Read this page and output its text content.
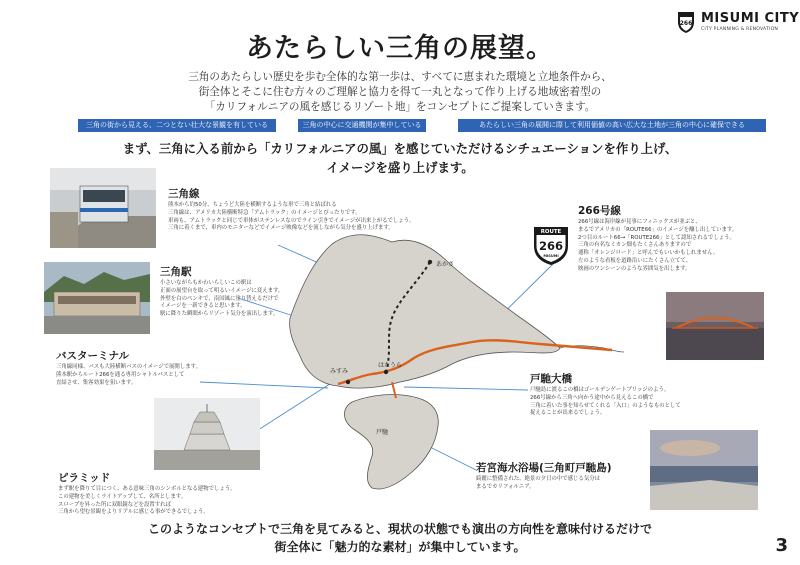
266 MISUMI CITY
CITY PLANNING & RENOVATION
あたらしい三角の展望。
三角のあたらしい歴史を歩む全体的な第一歩は、すべてに恵まれた環境と立地条件から、
街全体とそこに住む方々のご理解と協力を得て一丸となって作り上げる地域密着型の
「カリフォルニアの風を感じるリゾート地」をコンセプトにご提案していきます。
三角の街から見える、二つとない壮大な景観を有している	三角の中心に交通機関が集中している	あたらしい三角の展開に際して利用価値の高い広大な土地が三角の中心に確保できる
まず、三角に入る前から「カリフォルニアの風」を感じていただけるシチュエーションを作り上げ、
イメージを盛り上げます。
あかさ
はたうら
みすみ
戸馳
ROUTE
266
MISUMI
三角線
熊本から約50分、ちょうど大陸を横断するような形で三角と結ばれる
三角線は、アメリカ大陸横断特急「アムトラック」のイメージとぴったりです。
車両も、アムトラックと同じで車体がステンレスなのでライン引きでイメージが出来上がるでしょう。
三角に着くまで、車内のモニターなどでイメージ映像などを流しながら気分を盛り上げます。
三角駅
小さいながらもかわいらしいこの駅は
正面の展望台を取って明るいイメージに変えます。
外壁を白のペンキで、南国風に塗り替えるだけで
イメージを一新できると思います。
駅に降りた瞬間からリゾート気分を演出します。
バスターミナル
三角線同様、バスも大陸横断バスのイメージで展開します。
熊本駅からルート266を通る専用シャトルバスとして
直結させ、集客効果を狙います。
ピラミッド
まず駅を降りて目につく、ある意味三角のシンボルとなる建物でしょう。
この建物を美しくライトアップして、名所とします。
スロープを昇った所に双眼鏡などを設置すれば
三角から望む景観をよりリアルに感じる事ができるでしょう。
266号線
266号線は海岸線が見事にフィニックスが並ぶと、
まるでアメリカの「ROUTE66」のイメージを醸し出しています。
2つ目のルート66→「ROUTE266」として認知されるでしょう。
三角の有名なミカン畑もたくさんありますので
通称「オレンジロード」と呼んでもいいかもしれません。
左のような看板を道路沿いにたくさん立てて、
映画のワンシーンのような雰囲気を出します。
戸馳大橋
戸馳島に渡るこの橋はゴールデンゲートブリッジのよう。
266号線から三角へ向かう途中から見えるこの橋で
三角に着いた事を知らせてくれる「入口」のようなものとして
捉えることが出来るでしょう。
若宮海水浴場(三角町戸馳島)
綺麗に整備された、絶景の夕日の中で感じる気分は
まるでカリフォルニア。
このようなコンセプトで三角を見てみると、現状の状態でも演出の方向性を意味付けるだけで
街全体に「魅力的な素材」が集中しています。	3
